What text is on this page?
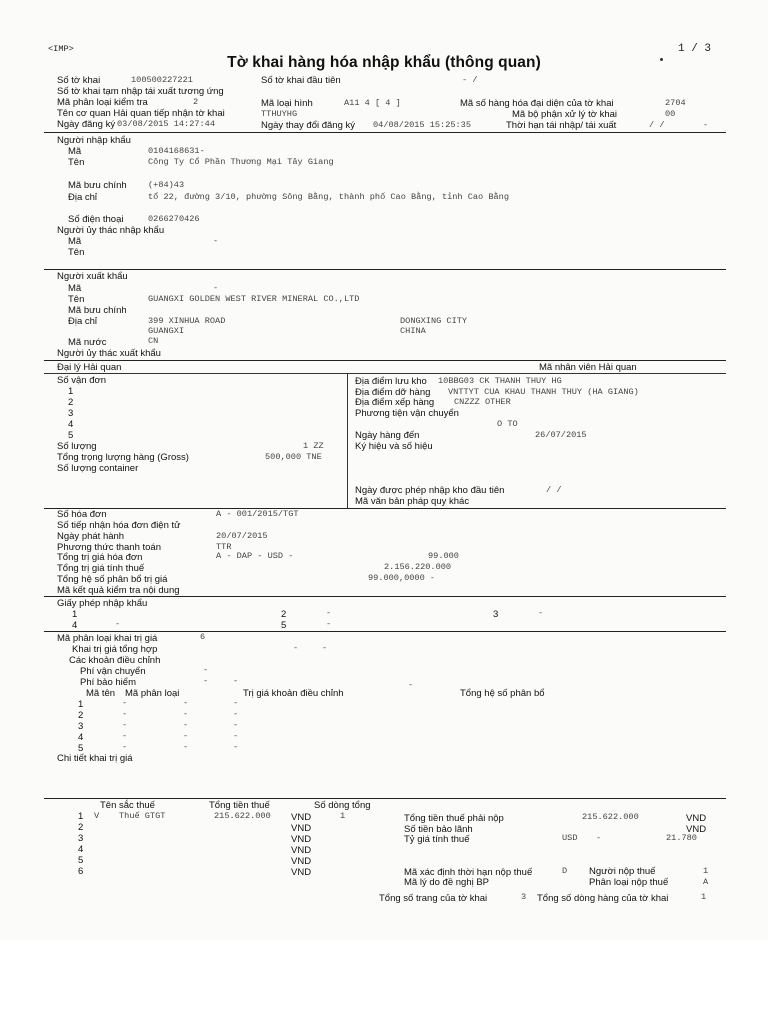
<IMP>	1 / 3
Tờ khai hàng hóa nhập khẩu (thông quan)
Số tờ khai	100500227221	Số tờ khai đầu tiên	- /
Số tờ khai tạm nhập tái xuất tương ứng
Mã phân loại kiểm tra	2	Mã loại hình	A11 4 [ 4 ]	Mã số hàng hóa đại diện của tờ khai	2704
Tên cơ quan Hải quan tiếp nhận tờ khai	TTHUYHG	Mã bộ phận xử lý tờ khai	00
Ngày đăng ký 03/08/2015 14:27:44	Ngày thay đổi đăng ký 04/08/2015 15:25:35	Thời hạn tái nhập/ tái xuất	/ /	-
Người nhập khẩu
Mã	0104168631-
Tên	Công Ty Cổ Phần Thương Mại Tây Giang
Mã bưu chính (+84)43
Địa chỉ	tổ 22, đường 3/10, phường Sông Bằng, thành phố Cao Bằng, tỉnh Cao Bằng
Số điện thoại	0266270426
Người ủy thác nhập khẩu
Mã	-
Tên
Người xuất khẩu
Mã	-
Tên	GUANGXI GOLDEN WEST RIVER MINERAL CO.,LTD
Mã bưu chính
Địa chỉ	399 XINHUA ROAD
GUANGXI
DONGXING CITY
CHINA
Mã nước	CN
Người ủy thác xuất khẩu
Đại lý Hải quan	Mã nhân viên Hải quan
Số vận đơn
1
2
3
4
5
Số lượng	1 ZZ
Tổng trọng lượng hàng (Gross)	500,000 TNE
Số lượng container
Địa điểm lưu kho 10BBG03 CK THANH THUY HG
Địa điểm dỡ hàng VNTTYT CUA KHAU THANH THUY (HA GIANG)
Địa điểm xếp hàng CNZZZ OTHER
Phương tiện vận chuyển
O TO
Ngày hàng đến	26/07/2015
Ký hiệu và số hiệu
Ngày được phép nhập kho đầu tiên	/ /
Mã văn bản pháp quy khác
Số hóa đơn	A - 001/2015/TGT
Số tiếp nhận hóa đơn điện tử
Ngày phát hành	20/07/2015
Phương thức thanh toán	TTR
Tổng trị giá hóa đơn	A - DAP - USD -	99.000
Tổng trị giá tính thuế	2.156.220.000
Tổng hệ số phân bổ trị giá	99.000,0000 -
Mã kết quả kiểm tra nội dung
Giấy phép nhập khẩu
1	2	-	3	-
4	-	5	-
Mã phân loại khai trị giá	6
Khai trị giá tổng hợp	-	-
Các khoản điều chỉnh
Phí vận chuyển	-
Phí bảo hiểm	-	-	-
Mã tên Mã phân loại	Trị giá khoản điều chỉnh	Tổng hệ số phân bổ
1	-	-	-
2	-	-	-
3	-	-	-
4	-	-	-
5	-	-	-
Chi tiết khai trị giá
Tên sắc thuế	Tổng tiền thuế	Số dòng tổng
1 V Thuế GTGT	215.622.000 VND	1
2	VND
3	VND
4	VND
5	VND
6	VND
Tổng tiền thuế phải nộp	215.622.000	VND
Số tiền bảo lãnh	VND
Tỷ giá tính thuế	USD -	21.780
Mã xác định thời hạn nộp thuế	D Người nộp thuế	1
Mã lý do đề nghị BP	Phân loại nộp thuế	A
Tổng số trang của tờ khai	3 Tổng số dòng hàng của tờ khai	1
